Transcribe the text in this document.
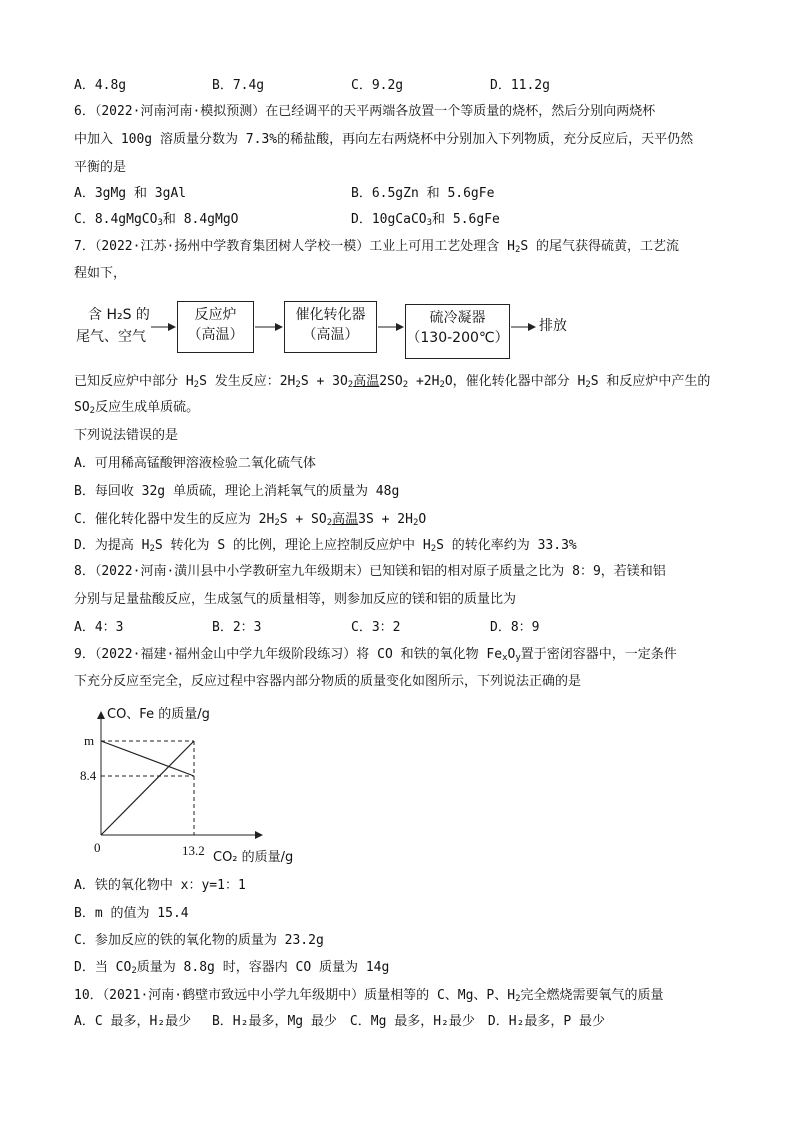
A．4.8g	B．7.4g	C．9.2g	D．11.2g
6．（2022·河南河南·模拟预测）在已经调平的天平两端各放置一个等质量的烧杯，然后分别向两烧杯
中加入 100g 溶质量分数为 7.3%的稀盐酸，再向左右两烧杯中分别加入下列物质，充分反应后，天平仍然
平衡的是
A．3gMg 和 3gAl	B．6.5gZn 和 5.6gFe
C．8.4gMgCO$_3$和 8.4gMgO	D．10gCaCO$_3$和 5.6gFe
7．（2022·江苏·扬州中学教育集团树人学校一模）工业上可用工艺处理含 $H_2S$ 的尾气获得硫黄，工艺流
程如下，
含 H₂S 的
尾气、空气
反应炉
（高温）
催化转化器
（高温）
硫冷凝器
（130-200℃）
排放
已知反应炉中部分 $H_2S$ 发生反应：$2H_2S + 3O_2$高温$2SO_2 +2H_2O$，催化转化器中部分 $H_2S$ 和反应炉中产生的
$SO_2$反应生成单质硫。
下列说法错误的是
A．可用稀高锰酸钾溶液检验二氧化硫气体
B．每回收 32g 单质硫，理论上消耗氧气的质量为 48g
C．催化转化器中发生的反应为 $2H_2S + SO_2$高温$3S + 2H_2O$
D．为提高 $H_2S$ 转化为 S 的比例，理论上应控制反应炉中 $H_2S$ 的转化率约为 33.3%
8．（2022·河南·潢川县中小学教研室九年级期末）已知镁和铝的相对原子质量之比为 8：9，若镁和铝
分别与足量盐酸反应，生成氢气的质量相等，则参加反应的镁和铝的质量比为
A．4：3	B．2：3	C．3：2	D．8：9
9．（2022·福建·福州金山中学九年级阶段练习）将 CO 和铁的氧化物 $Fe_xO_y$置于密闭容器中，一定条件
下充分反应至完全，反应过程中容器内部分物质的质量变化如图所示，下列说法正确的是
CO、Fe 的质量/g
CO₂ 的质量/g
0	13.2
8.4
m
A．铁的氧化物中 x：y=1：1
B．m 的值为 15.4
C．参加反应的铁的氧化物的质量为 23.2g
D．当 $CO_2$质量为 8.8g 时，容器内 CO 质量为 14g
10．（2021·河南·鹤壁市致远中小学九年级期中）质量相等的 C、Mg、P、$H_2$完全燃烧需要氧气的质量
A．C 最多，H₂最少　 B．H₂最多，Mg 最少　C．Mg 最多，H₂最少　D．H₂最多，P 最少
